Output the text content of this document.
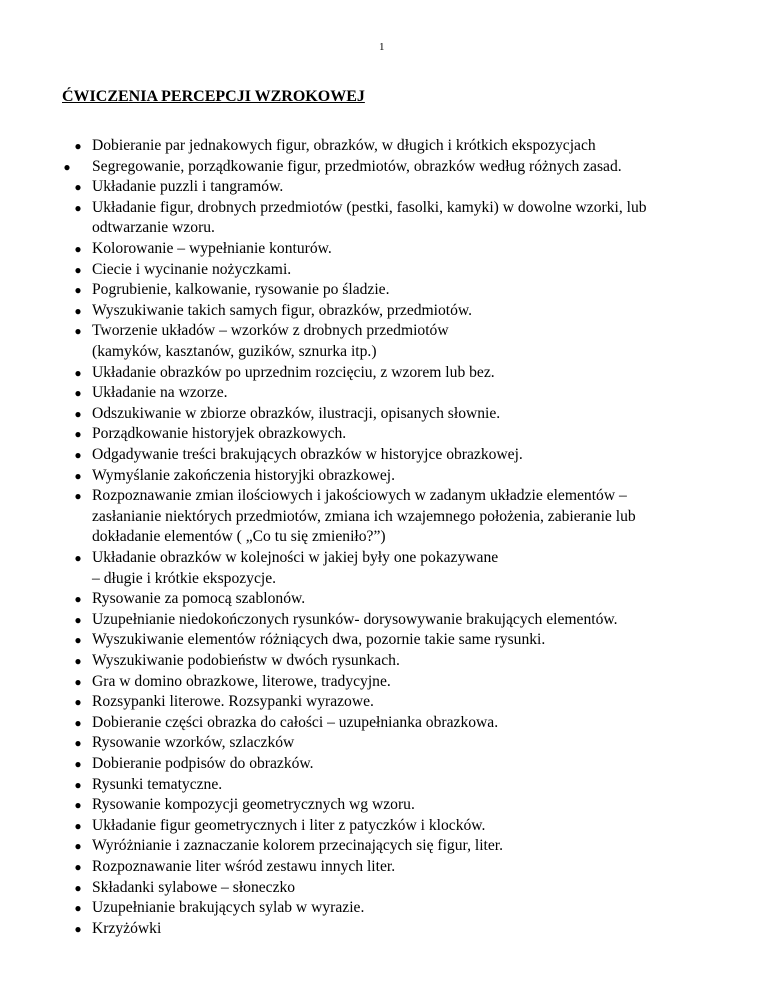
1
ĆWICZENIA PERCEPCJI WZROKOWEJ
● Dobieranie par jednakowych figur, obrazków, w długich i krótkich ekspozycjach
● Segregowanie, porządkowanie figur, przedmiotów, obrazków według różnych zasad.
● Układanie puzzli i tangramów.
● Układanie figur, drobnych przedmiotów (pestki, fasolki, kamyki) w dowolne wzorki, lub
odtwarzanie wzoru.
● Kolorowanie – wypełnianie konturów.
● Ciecie i wycinanie nożyczkami.
● Pogrubienie, kalkowanie, rysowanie po śladzie.
● Wyszukiwanie takich samych figur, obrazków, przedmiotów.
● Tworzenie układów – wzorków z drobnych przedmiotów
(kamyków, kasztanów, guzików, sznurka itp.)
● Układanie obrazków po uprzednim rozcięciu, z wzorem lub bez.
● Układanie na wzorze.
● Odszukiwanie w zbiorze obrazków, ilustracji, opisanych słownie.
● Porządkowanie historyjek obrazkowych.
● Odgadywanie treści brakujących obrazków w historyjce obrazkowej.
● Wymyślanie zakończenia historyjki obrazkowej.
● Rozpoznawanie zmian ilościowych i jakościowych w zadanym układzie elementów –
zasłanianie niektórych przedmiotów, zmiana ich wzajemnego położenia, zabieranie lub
dokładanie elementów ( „Co tu się zmieniło?”)
● Układanie obrazków w kolejności w jakiej były one pokazywane
– długie i krótkie ekspozycje.
● Rysowanie za pomocą szablonów.
● Uzupełnianie niedokończonych rysunków- dorysowywanie brakujących elementów.
● Wyszukiwanie elementów różniących dwa, pozornie takie same rysunki.
● Wyszukiwanie podobieństw w dwóch rysunkach.
● Gra w domino obrazkowe, literowe, tradycyjne.
● Rozsypanki literowe. Rozsypanki wyrazowe.
● Dobieranie części obrazka do całości – uzupełnianka obrazkowa.
● Rysowanie wzorków, szlaczków
● Dobieranie podpisów do obrazków.
● Rysunki tematyczne.
● Rysowanie kompozycji geometrycznych wg wzoru.
● Układanie figur geometrycznych i liter z patyczków i klocków.
● Wyróżnianie i zaznaczanie kolorem przecinających się figur, liter.
● Rozpoznawanie liter wśród zestawu innych liter.
● Składanki sylabowe – słoneczko
● Uzupełnianie brakujących sylab w wyrazie.
● Krzyżówki
